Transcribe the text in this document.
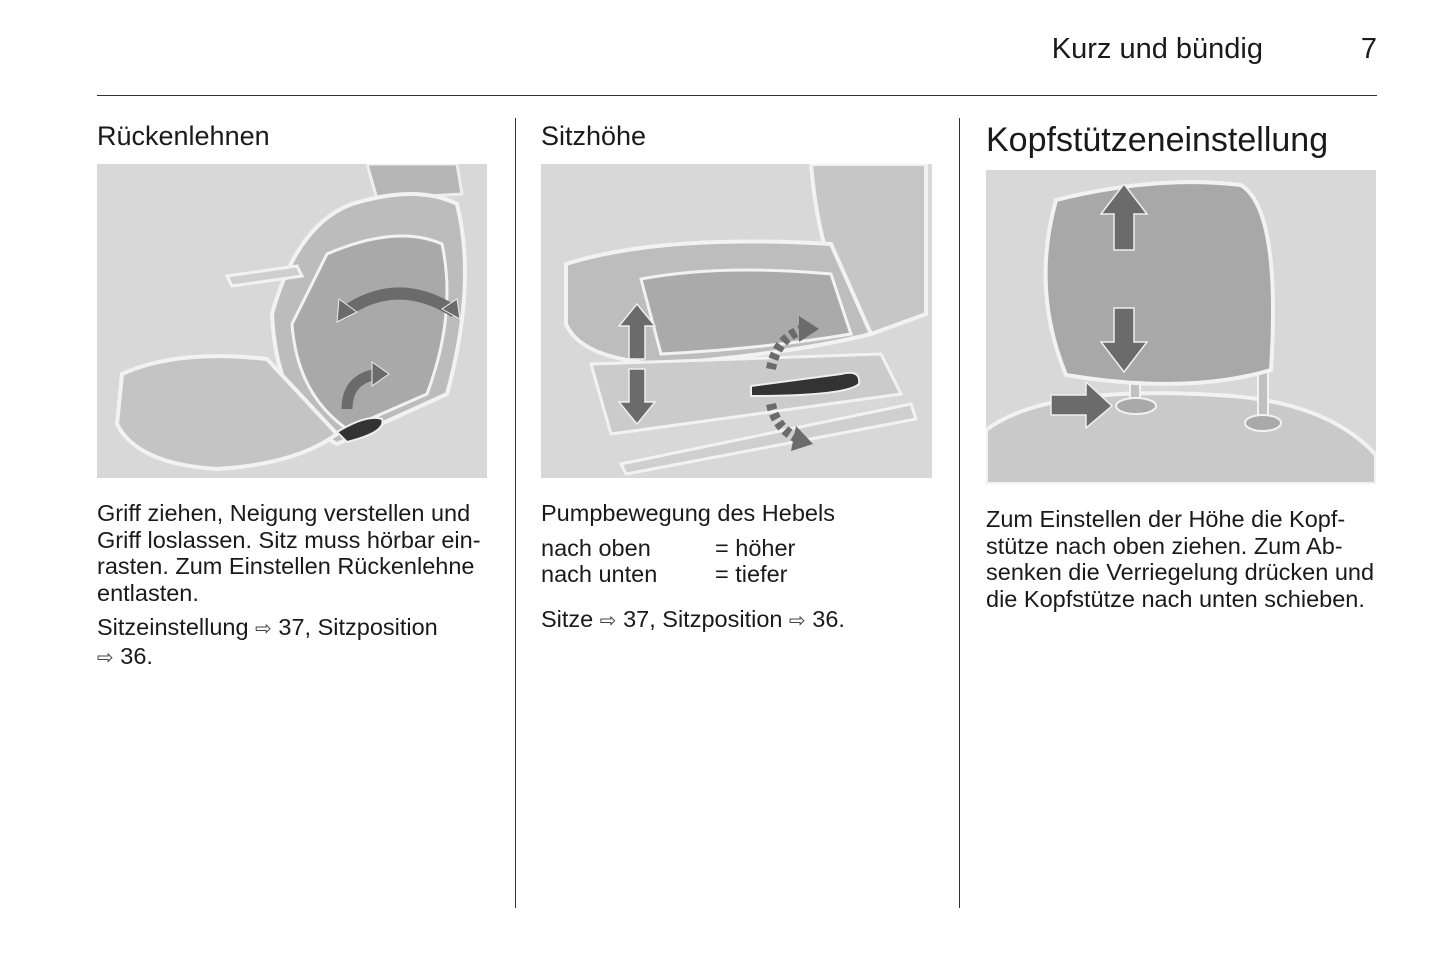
Kurz und bündig	7
Rückenlehnen

Griff ziehen, Neigung verstellen und Griff loslassen. Sitz muss hörbar ein-rasten. Zum Einstellen Rückenlehne entlasten.

Sitzeinstellung ⇨ 37, Sitzposition
⇨ 36.

Sitzhöhe

Pumpbewegung des Hebels

nach oben	= höher
nach unten	= tiefer

Sitze ⇨ 37, Sitzposition ⇨ 36.

Kopfstützeneinstellung

Zum Einstellen der Höhe die Kopf-stütze nach oben ziehen. Zum Ab-senken die Verriegelung drücken und die Kopfstütze nach unten schieben.
